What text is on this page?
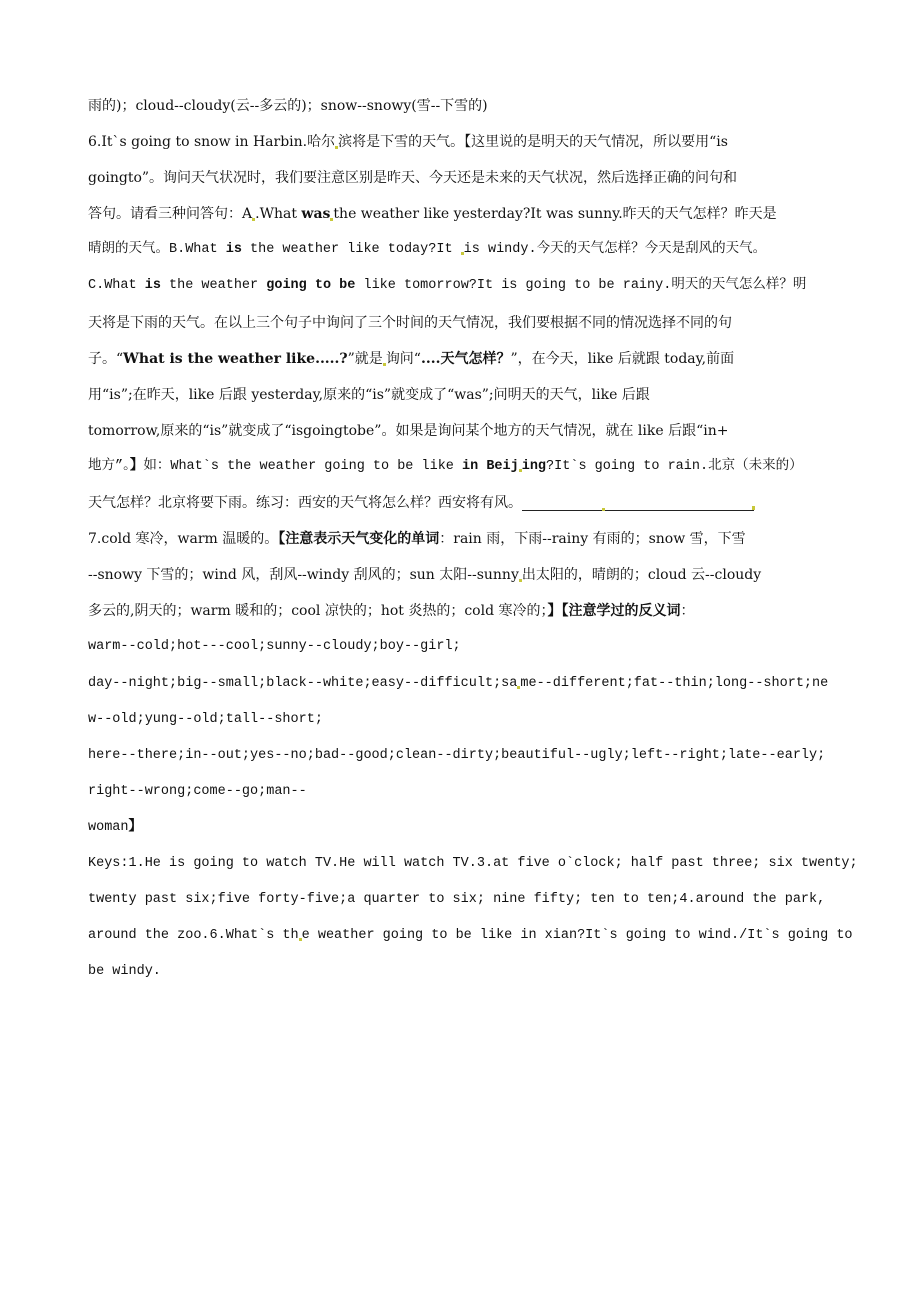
雨的)；cloud--cloudy(云--多云的)；snow--snowy(雪--下雪的)
6.It`s going to snow in Harbin.哈尔 滨将是下雪的天气。【这里说的是明天的天气情况，所以要用“is
goingto”。询问天气状况时，我们要注意区别是昨天、今天还是未来的天气状况，然后选择正确的问句和
答句。请看三种问答句：A .What was the weather like yesterday?It was sunny.昨天的天气怎样？昨天是
晴朗的天气。B.What is the weather like today?It is windy.今天的天气怎样？今天是刮风的天气。
C.What is the weather going to be like tomorrow?It is going to be rainy.明天的天气怎么样？明
天将是下雨的天气。在以上三个句子中询问了三个时间的天气情况，我们要根据不同的情况选择不同的句
子。“What is the weather like.....?”就是 询问“....天气怎样？”，在今天，like 后就跟 today,前面
用“is”;在昨天，like 后跟 yesterday,原来的“is”就变成了“was”;问明天的天气，like 后跟
tomorrow,原来的“is”就变成了“isgoingtobe”。如果是询问某个地方的天气情况，就在 like 后跟“in+
地方”。】如：What`s the weather going to be like in Beij ing?It`s going to rain.北京（未来的）
天气怎样？北京将要下雨。练习：西安的天气将怎么样？西安将有风。
7.cold 寒冷，warm 温暖的。【注意表示天气变化的单词：rain 雨，下雨--rainy 有雨的；snow 雪，下雪
--snowy 下雪的；wind 风，刮风--windy 刮风的；sun 太阳--sunny 出太阳的，晴朗的；cloud 云--cloudy
多云的,阴天的；warm 暖和的；cool 凉快的；hot 炎热的；cold 寒冷的；】【注意学过的反义词：
warm--cold;hot---cool;sunny--cloudy;boy--girl;
day--night;big--small;black--white;easy--difficult;sa me--different;fat--thin;long--short;ne
w--old;yung--old;tall--short;
here--there;in--out;yes--no;bad--good;clean--dirty;beautiful--ugly;left--right;late--early;
right--wrong;come--go;man--
woman】
Keys:1.He is going to watch TV.He will watch TV.3.at five o`clock; half past three; six twenty;
twenty past six;five forty-five;a quarter to six; nine fifty; ten to ten;4.around the park,
around the zoo.6.What`s th e weather going to be like in xian?It`s going to wind./It`s going to
be windy.
